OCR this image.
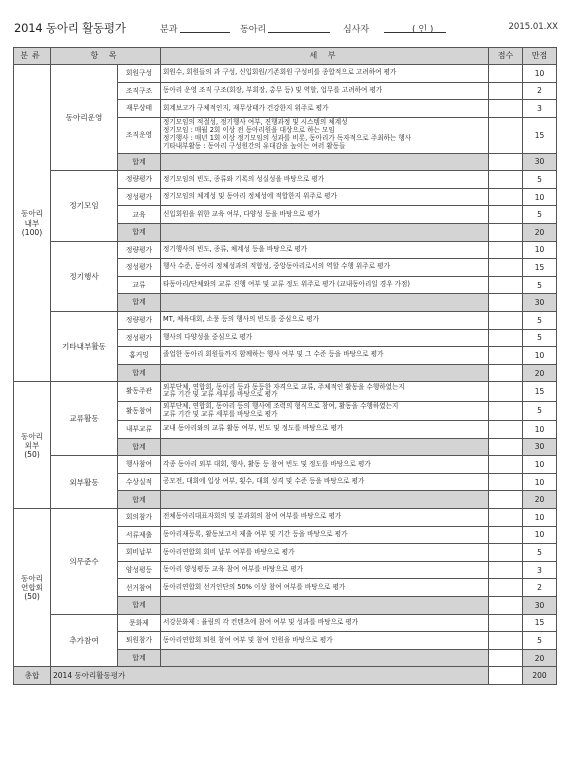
2014 동아리 활동평가	분과	동아리	심사자	( 인 )	2015.01.XX
분류	항 목		세 부	점수	만점
동아리
내부
(100)	동아리운영	회원구성	회원수, 회원들의 과 구성, 신입회원/기존회원 구성비를 종합적으로 고려하여 평가		10
		조직구조	동아리 운영 조직 구조(회장, 부회장, 총무 등) 및 역할, 업무를 고려하여 평가		2
		재무상태	회계보고가 구체적인지, 재무상태가 건강한지 위주로 평가		3
		조직운영	정기모임의 적절성, 정기행사 여부, 진행과정 및 시스템의 체계성
정기모임 : 매월 2회 이상 전 동아리원을 대상으로 하는 모임
정기행사 : 매년 1회 이상 정기모임의 성과를 비롯, 동아리가 독자적으로 주최하는 행사
기타내부활동 : 동아리 구성원간의 유대감을 높이는 여러 활동들		15
		합계			30
	정기모임	정량평가	정기모임의 빈도, 종류와 기록의 성실성을 바탕으로 평가		5
		정성평가	정기모임의 체계성 및 동아리 정체성에 적합한지 위주로 평가		10
		교육	신입회원을 위한 교육 여부, 다양성 등을 바탕으로 평가		5
		합계			20
	정기행사	정량평가	정기행사의 빈도, 종류, 체계성 등을 바탕으로 평가		10
		정성평가	행사 수준, 동아리 정체성과의 적합성, 중앙동아리로서의 역할 수행 위주로 평가		15
		교류	타동아리/단체와의 교류 진행 여부 및 교류 정도 위주로 평가 (교내동아리일 경우 가점)		5
		합계			30
	기타내부활동	정량평가	MT, 체육대회, 소풍 등의 행사의 빈도를 중심으로 평가		5
		정성평가	행사의 다양성을 중심으로 평가		5
		홈커밍	졸업한 동아리 회원들까지 함께하는 행사 여부 및 그 수준 등을 바탕으로 평가		10
		합계			20
동아리
외부
(50)	교류활동	활동주관	외부단체, 연합회, 동아리 등과 동등한 자격으로 교류, 주체적인 활동을 수행하였는지
교류 기간 및 교류 세부를 바탕으로 평가		15
		활동참여	외부단체, 연합회, 동아리 등의 행사에 조력의 형식으로 참여, 활동을 수행하였는지
교류 기간 및 교류 세부를 바탕으로 평가		5
		내부교류	교내 동아리와의 교류 활동 여부, 빈도 및 정도를 바탕으로 평가		10
		합계			30
	외부활동	행사참여	각종 동아리 외부 대회, 행사, 활동 등 참여 빈도 및 정도를 바탕으로 평가		10
		수상실적	공모전, 대회에 입상 여부, 횟수, 대회 성격 및 수준 등을 바탕으로 평가		10
		합계			20
동아리
연합회
(50)	의무준수	회의참가	전체동아리대표자회의 및 분과회의 참여 여부를 바탕으로 평가		10
		서류제출	동아리재등록, 활동보고서 제출 여부 및 기간 등을 바탕으로 평가		10
		회비납부	동아리연합회 회비 납부 여부를 바탕으로 평가		5
		양성평등	동아리 양성평등 교육 참여 여부를 바탕으로 평가		3
		선거참여	동아리연합회 선거인단의 50% 이상 참여 여부를 바탕으로 평가		2
		합계			30
	추가참여	문화제	서강문화제 : 율림의 각 컨텐츠에 참여 여부 및 성과를 바탕으로 평가		15
		퇴원참가	동아리연합회 퇴원 참여 여부 및 참여 인원을 바탕으로 평가		5
		합계			20
총합	2014 동아리활동평가				200
